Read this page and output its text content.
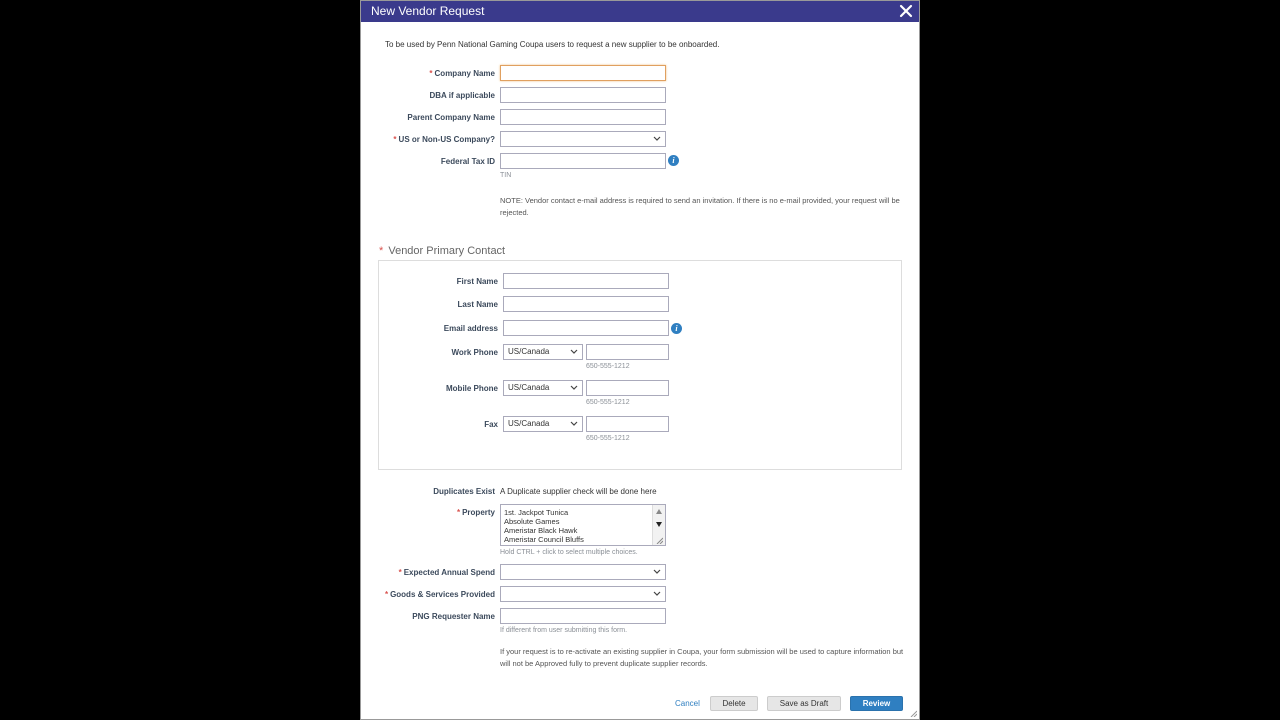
New Vendor Request
To be used by Penn National Gaming Coupa users to request a new supplier to be onboarded.
* Company Name
DBA if applicable
Parent Company Name
* US or Non-US Company?
Federal Tax ID	i
TIN
NOTE: Vendor contact e-mail address is required to send an invitation. If there is no e-mail provided, your request will be rejected.
* Vendor Primary Contact
First Name
Last Name
Email address	i
Work Phone	US/Canada
650-555-1212
Mobile Phone	US/Canada
650-555-1212
Fax	US/Canada
650-555-1212
Duplicates Exist A Duplicate supplier check will be done here
* Property 1st. Jackpot Tunica
Absolute Games
Ameristar Black Hawk
Ameristar Council Bluffs
Hold CTRL + click to select multiple choices.
* Expected Annual Spend
* Goods & Services Provided
PNG Requester Name
If different from user submitting this form.
If your request is to re-activate an existing supplier in Coupa, your form submission will be used to capture information but will not be Approved fully to prevent duplicate supplier records.
Cancel	Delete	Save as Draft	Review
